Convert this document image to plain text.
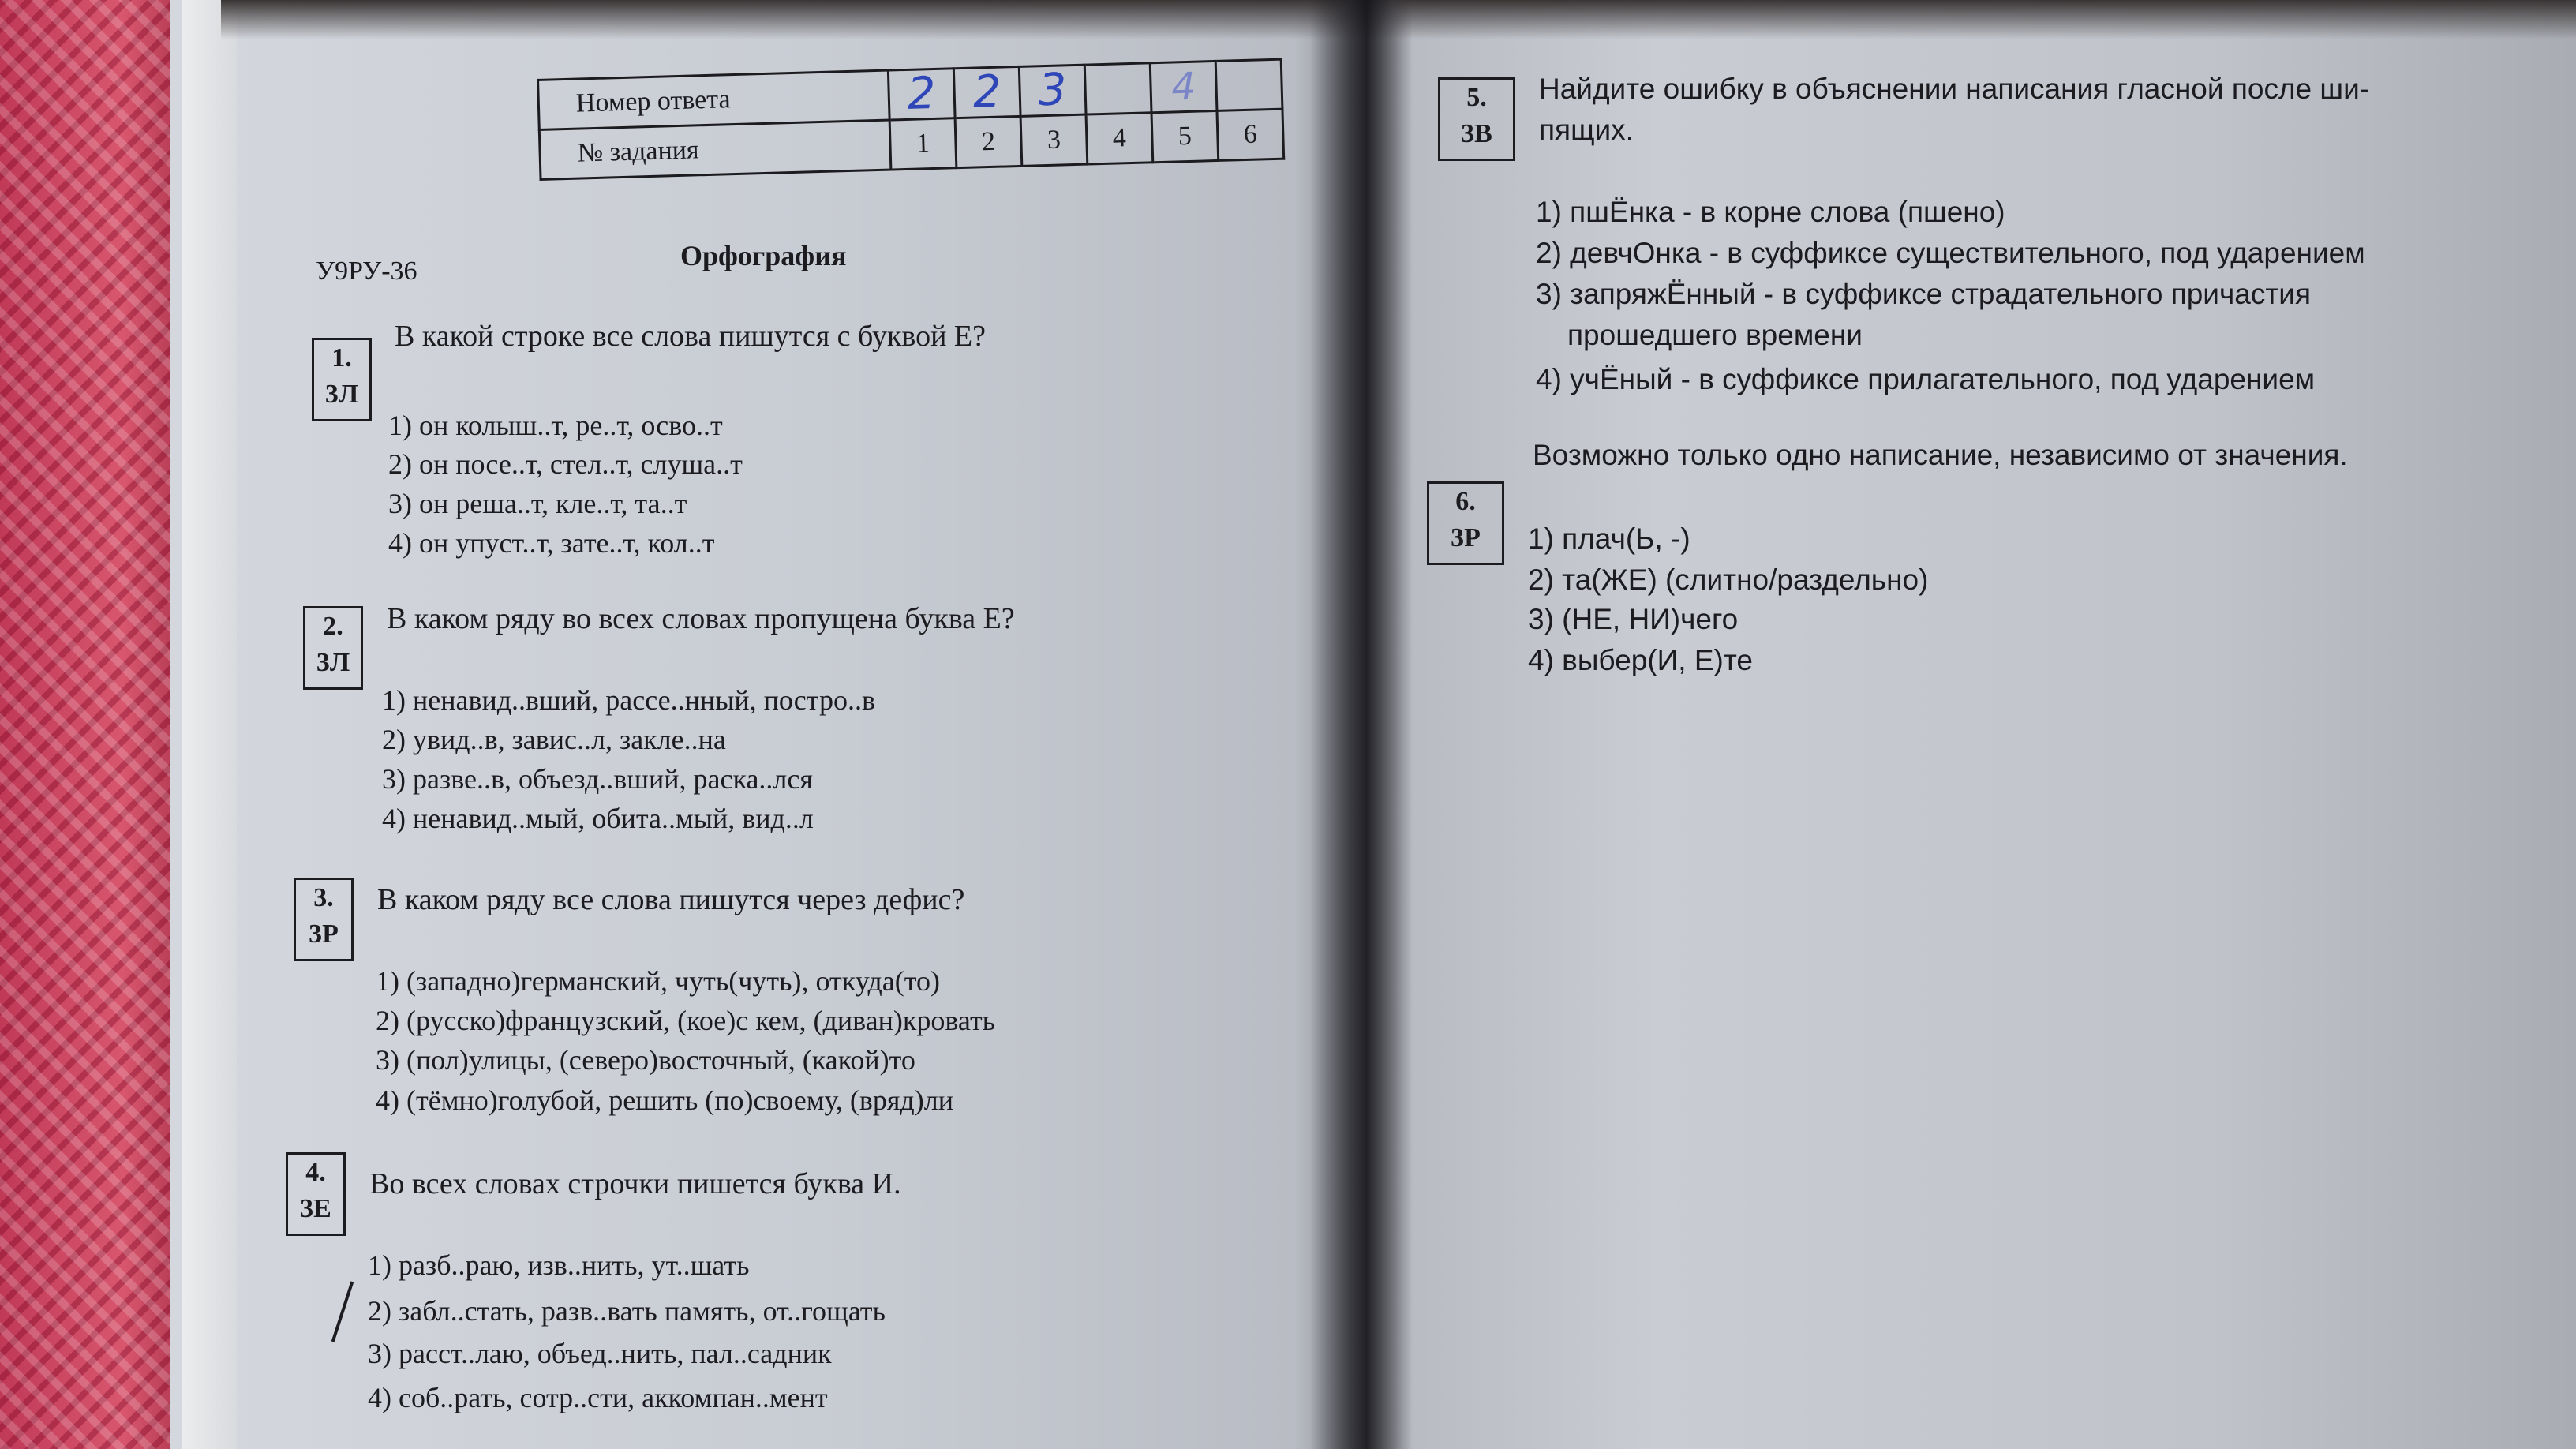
Номер ответа	2	2	3		4	
№ задания	1	2	3	4	5	6
У9РУ-36	Орфография
1.
3Л
В какой строке все слова пишутся с буквой Е?
1) он колыш..т, ре..т, осво..т
2) он посе..т, стел..т, слуша..т
3) он реша..т, кле..т, та..т
4) он упуст..т, зате..т, кол..т
2.
3Л
В каком ряду во всех словах пропущена буква Е?
1) ненавид..вший, рассе..нный, постро..в
2) увид..в, завис..л, закле..на
3) разве..в, объезд..вший, раска..лся
4) ненавид..мый, обита..мый, вид..л
3.
3Р
В каком ряду все слова пишутся через дефис?
1) (западно)германский, чуть(чуть), откуда(то)
2) (русско)французский, (кое)с кем, (диван)кровать
3) (пол)улицы, (северо)восточный, (какой)то
4) (тёмно)голубой, решить (по)своему, (вряд)ли
4.
3Е
Во всех словах строчки пишется буква И.
1) разб..раю, изв..нить, ут..шать
2) забл..стать, разв..вать память, от..гощать
3) расст..лаю, объед..нить, пал..садник
4) соб..рать, сотр..сти, аккомпан..мент
5.
3В
Найдите ошибку в объяснении написания гласной после ши-
пящих.
1) пшЁнка - в корне слова (пшено)
2) девчОнка - в суффиксе существительного, под ударением
3) запряжЁнный - в суффиксе страдательного причастия
прошедшего времени
4) учЁный - в суффиксе прилагательного, под ударением
Возможно только одно написание, независимо от значения.
6.
3Р	1) плач(Ь, -)
2) та(ЖЕ) (слитно/раздельно)
3) (НЕ, НИ)чего
4) выбер(И, Е)те
